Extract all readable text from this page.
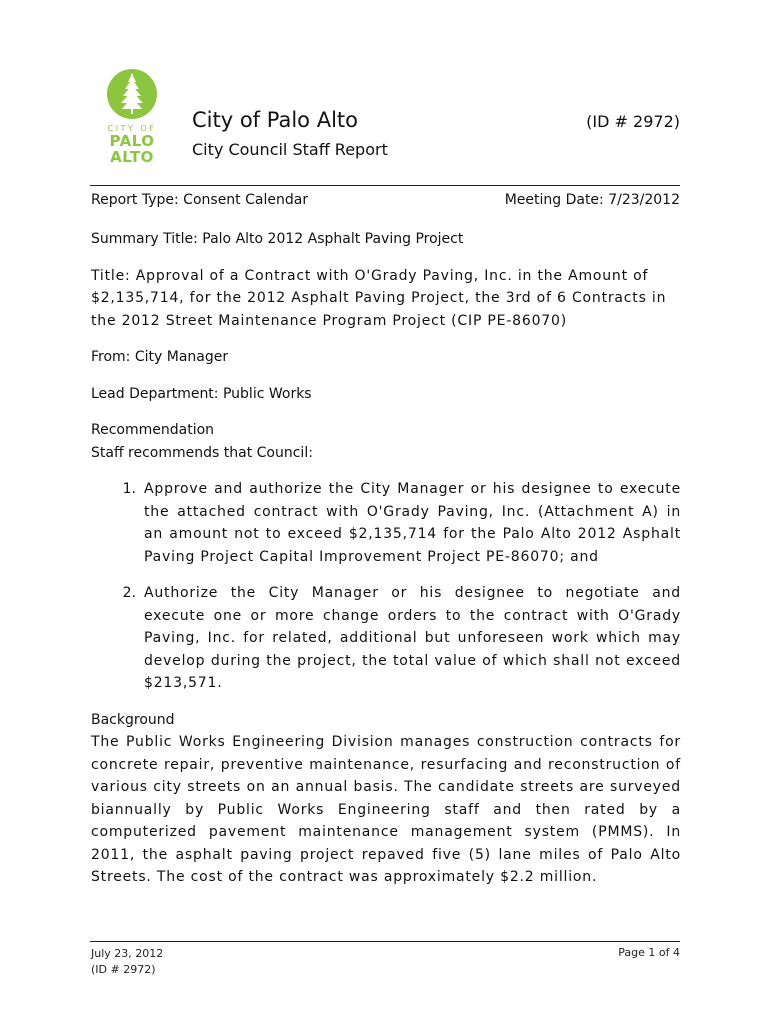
CITY OF
PALO
ALTO
City of Palo Alto	(ID # 2972)
City Council Staff Report
Report Type: Consent Calendar	Meeting Date: 7/23/2012

Summary Title: Palo Alto 2012 Asphalt Paving Project

Title: Approval of a Contract with O'Grady Paving, Inc. in the Amount of $2,135,714, for the 2012 Asphalt Paving Project, the 3rd of 6 Contracts in the 2012 Street Maintenance Program Project (CIP PE-86070)

From: City Manager

Lead Department: Public Works

Recommendation

Staff recommends that Council:

1. Approve and authorize the City Manager or his designee to execute the attached contract with O'Grady Paving, Inc. (Attachment A) in an amount not to exceed $2,135,714 for the Palo Alto 2012 Asphalt Paving Project Capital Improvement Project PE-86070; and
2. Authorize the City Manager or his designee to negotiate and execute one or more change orders to the contract with O'Grady Paving, Inc. for related, additional but unforeseen work which may develop during the project, the total value of which shall not exceed $213,571.

Background

The Public Works Engineering Division manages construction contracts for concrete repair, preventive maintenance, resurfacing and reconstruction of various city streets on an annual basis. The candidate streets are surveyed biannually by Public Works Engineering staff and then rated by a computerized pavement maintenance management system (PMMS). In 2011, the asphalt paving project repaved five (5) lane miles of Palo Alto Streets. The cost of the contract was approximately $2.2 million.

July 23, 2012
(ID # 2972)
Page 1 of 4
